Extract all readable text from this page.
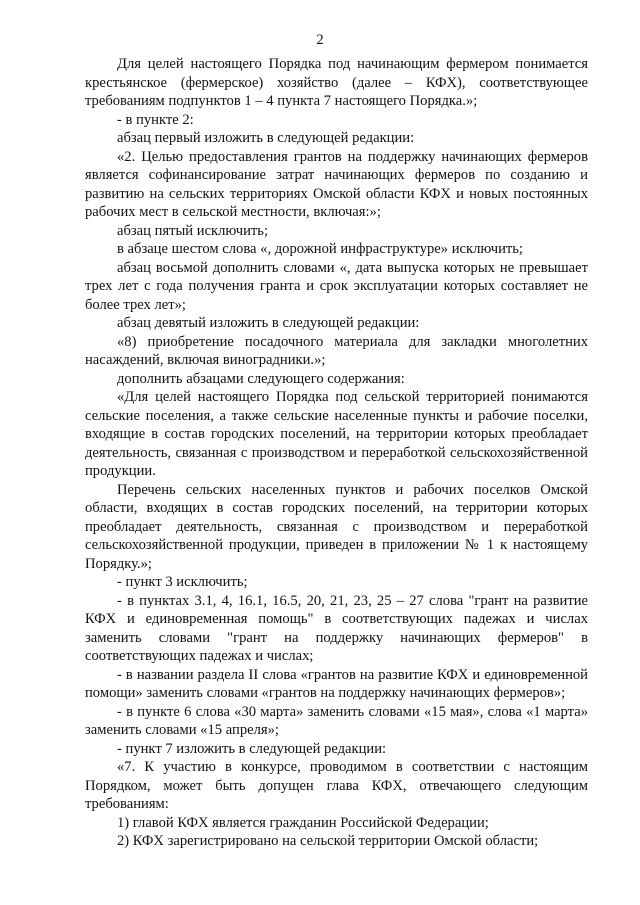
2

Для целей настоящего Порядка под начинающим фермером понимается крестьянское (фермерское) хозяйство (далее – КФХ), соответствующее требованиям подпунктов 1 – 4 пункта 7 настоящего Порядка.»;

- в пункте 2:

абзац первый изложить в следующей редакции:

«2. Целью предоставления грантов на поддержку начинающих фермеров является софинансирование затрат начинающих фермеров по созданию и развитию на сельских территориях Омской области КФХ и новых постоянных рабочих мест в сельской местности, включая:»;

абзац пятый исключить;

в абзаце шестом слова «, дорожной инфраструктуре» исключить;

абзац восьмой дополнить словами «, дата выпуска которых не превышает трех лет с года получения гранта и срок эксплуатации которых составляет не более трех лет»;

абзац девятый изложить в следующей редакции:

«8) приобретение посадочного материала для закладки многолетних насаждений, включая виноградники.»;

дополнить абзацами следующего содержания:

«Для целей настоящего Порядка под сельской территорией понимаются сельские поселения, а также сельские населенные пункты и рабочие поселки, входящие в состав городских поселений, на территории которых преобладает деятельность, связанная с производством и переработкой сельскохозяйственной продукции.

Перечень сельских населенных пунктов и рабочих поселков Омской области, входящих в состав городских поселений, на территории которых преобладает деятельность, связанная с производством и переработкой сельскохозяйственной продукции, приведен в приложении № 1 к настоящему Порядку.»;

- пункт 3 исключить;

- в пунктах 3.1, 4, 16.1, 16.5, 20, 21, 23, 25 – 27 слова "грант на развитие КФХ и единовременная помощь" в соответствующих падежах и числах заменить словами "грант на поддержку начинающих фермеров" в соответствующих падежах и числах;

- в названии раздела II слова «грантов на развитие КФХ и единовременной помощи» заменить словами «грантов на поддержку начинающих фермеров»;

- в пункте 6 слова «30 марта» заменить словами «15 мая», слова «1 марта» заменить словами «15 апреля»;

- пункт 7 изложить в следующей редакции:

«7. К участию в конкурсе, проводимом в соответствии с настоящим Порядком, может быть допущен глава КФХ, отвечающего следующим требованиям:

1) главой КФХ является гражданин Российской Федерации;

2) КФХ зарегистрировано на сельской территории Омской области;
